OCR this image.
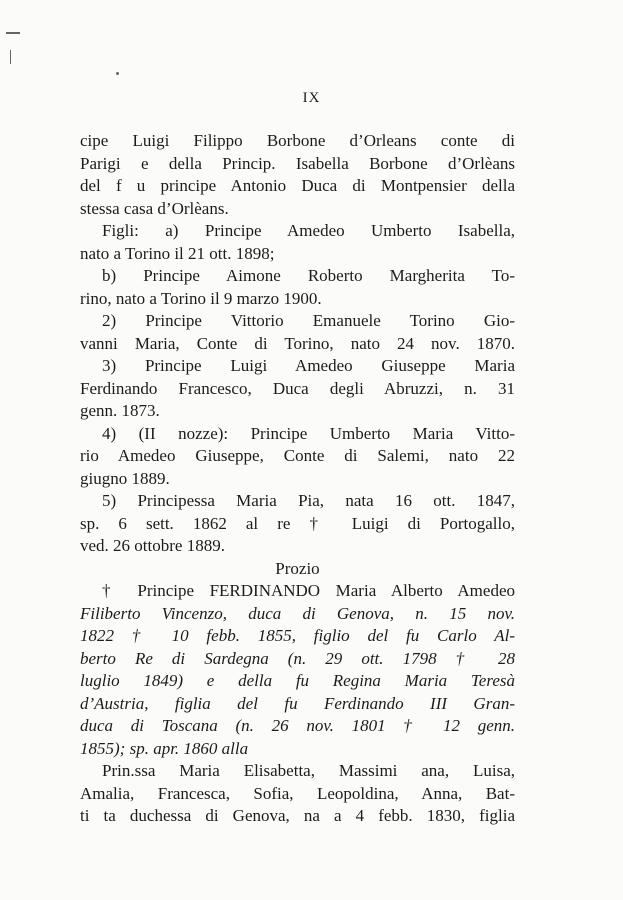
IX
cipe Luigi Filippo Borbone d’Orleans conte di
Parigi e della Princip. Isabella Borbone d’Orlèans
del f u principe Antonio Duca di Montpensier della
stessa casa d’Orlèans.
Figli: a) Principe Amedeo Umberto Isabella,
nato a Torino il 21 ott. 1898;
b) Principe Aimone Roberto Margherita To-
rino, nato a Torino il 9 marzo 1900.
2) Principe Vittorio Emanuele Torino Gio-
vanni Maria, Conte di Torino, nato 24 nov. 1870.
3) Principe Luigi Amedeo Giuseppe Maria
Ferdinando Francesco, Duca degli Abruzzi, n. 31
genn. 1873.
4) (II nozze): Principe Umberto Maria Vitto-
rio Amedeo Giuseppe, Conte di Salemi, nato 22
giugno 1889.
5) Principessa Maria Pia, nata 16 ott. 1847,
sp. 6 sett. 1862 al re † Luigi di Portogallo,
ved. 26 ottobre 1889.
Prozio
† Principe FERDINANDO Maria Alberto Amedeo
Filiberto Vincenzo, duca di Genova, n. 15 nov.
1822 † 10 febb. 1855, figlio del fu Carlo Al-
berto Re di Sardegna (n. 29 ott. 1798 † 28
luglio 1849) e della fu Regina Maria Teresà
d’Austria, figlia del fu Ferdinando III Gran-
duca di Toscana (n. 26 nov. 1801 † 12 genn.
1855); sp. apr. 1860 alla
Prin.ssa Maria Elisabetta, Massimi ana, Luisa,
Amalia, Francesca, Sofia, Leopoldina, Anna, Bat-
ti ta duchessa di Genova, na a 4 febb. 1830, figlia
